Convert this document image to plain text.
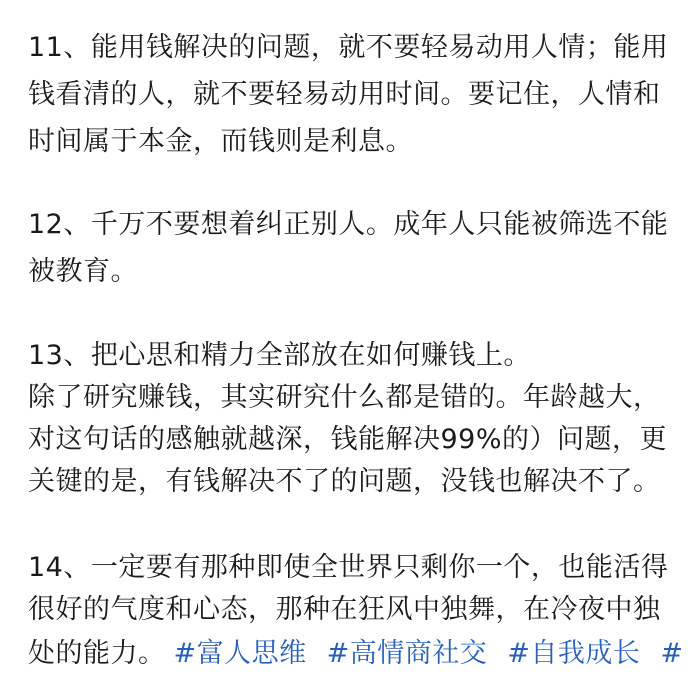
11、能用钱解决的问题，就不要轻易动用人情；能用
钱看清的人，就不要轻易动用时间。要记住，人情和
时间属于本金，而钱则是利息。
12、千万不要想着纠正别人。成年人只能被筛选不能
被教育。
13、把心思和精力全部放在如何赚钱上。
除了研究赚钱，其实研究什么都是错的。年龄越大，
对这句话的感触就越深，钱能解决99%的）问题，更
关键的是，有钱解决不了的问题，没钱也解决不了。
14、一定要有那种即使全世界只剩你一个，也能活得
很好的气度和心态，那种在狂风中独舞，在冷夜中独
处的能力。 #富人思维 #高情商社交 #自我成长 #
